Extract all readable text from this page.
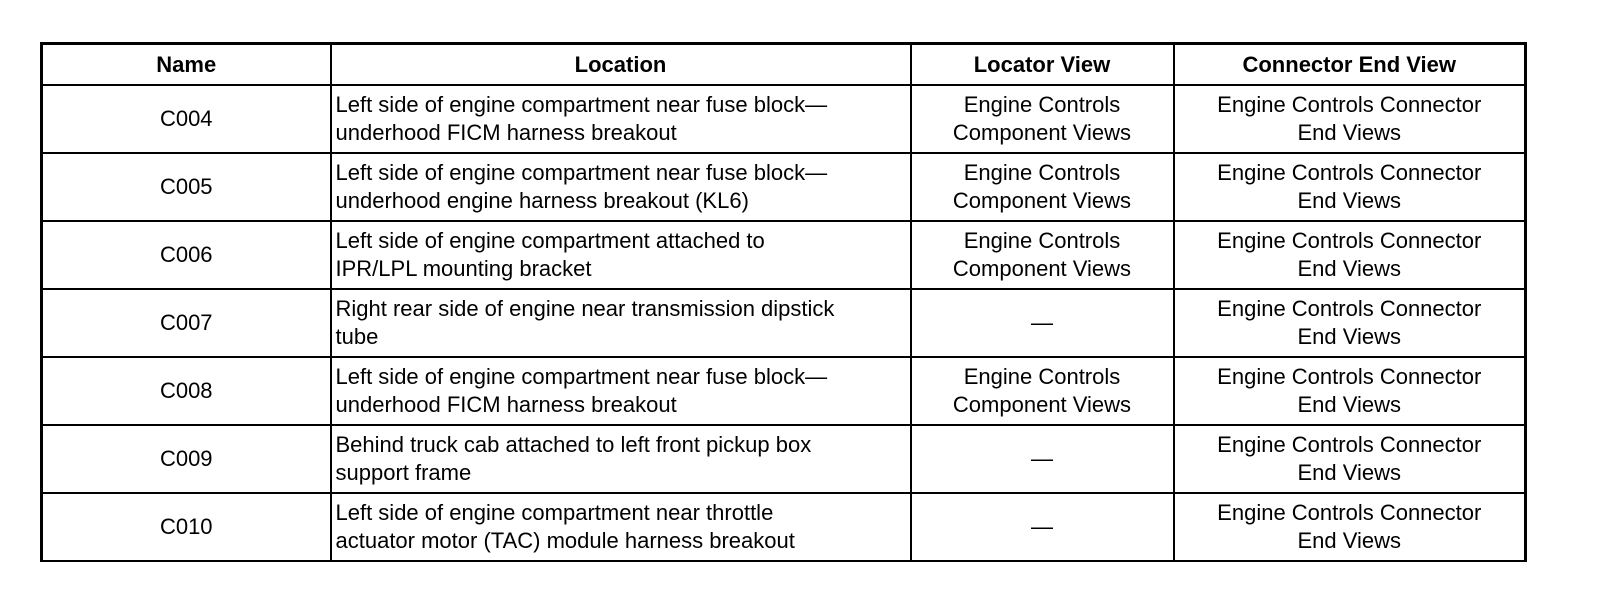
Name	Location	Locator View	Connector End View
C004	Left side of engine compartment near fuse block—
underhood FICM harness breakout	Engine Controls
Component Views	Engine Controls Connector
End Views
C005	Left side of engine compartment near fuse block—
underhood engine harness breakout (KL6)	Engine Controls
Component Views	Engine Controls Connector
End Views
C006	Left side of engine compartment attached to
IPR/LPL mounting bracket	Engine Controls
Component Views	Engine Controls Connector
End Views
C007	Right rear side of engine near transmission dipstick
tube	—	Engine Controls Connector
End Views
C008	Left side of engine compartment near fuse block—
underhood FICM harness breakout	Engine Controls
Component Views	Engine Controls Connector
End Views
C009	Behind truck cab attached to left front pickup box
support frame	—	Engine Controls Connector
End Views
C010	Left side of engine compartment near throttle
actuator motor (TAC) module harness breakout	—	Engine Controls Connector
End Views
